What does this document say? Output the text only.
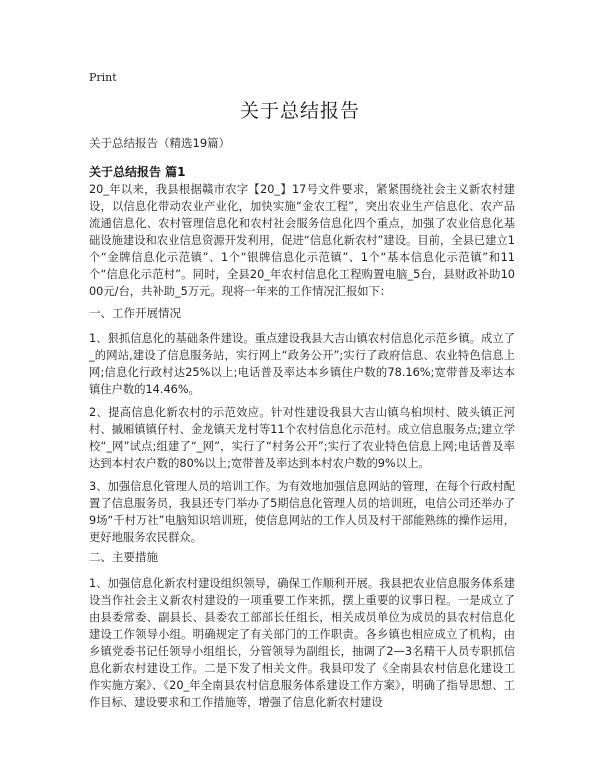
Print
关于总结报告
关于总结报告（精选19篇）
关于总结报告 篇1
20_年以来，我县根据赣市农字【20_】17号文件要求，紧紧围绕社会主义新农村建设，以信息化带动农业产业化，加快实施“金农工程”，突出农业生产信息化、农产品流通信息化、农村管理信息化和农村社会服务信息化四个重点，加强了农业信息化基础设施建设和农业信息资源开发利用，促进“信息化新农村”建设。目前，全县已建立1个“金牌信息化示范镇”、1个“银牌信息化示范镇”、1个“基本信息化示范镇”和11个“信息化示范村”。同时，全县20_年农村信息化工程购置电脑_5台，县财政补助1000元/台，共补助_5万元。现将一年来的工作情况汇报如下：
一、工作开展情况
1、狠抓信息化的基础条件建设。重点建设我县大吉山镇农村信息化示范乡镇。成立了_的网站,建设了信息服务站，实行网上“政务公开”;实行了政府信息、农业特色信息上网;信息化行政村达25%以上;电话普及率达本乡镇住户数的78.16%;宽带普及率达本镇住户数的14.46%。
2、提高信息化新农村的示范效应。针对性建设我县大吉山镇乌桕坝村、陂头镇正河村、摵厢镇镇仔村、金龙镇天龙村等11个农村信息化示范村。成立信息服务点;建立学校“_网”试点;组建了“_网”，实行了“村务公开”;实行了农业特色信息上网;电话普及率达到本村农户数的80%以上;宽带普及率达到本村农户数的9%以上。
3、加强信息化管理人员的培训工作。为有效地加强信息网站的管理，在每个行政村配置了信息服务员，我县还专门举办了5期信息化管理人员的培训班，电信公司还举办了9场“千村万社”电脑知识培训班，使信息网站的工作人员及村干部能熟练的操作运用，更好地服务农民群众。
二、主要措施
1、加强信息化新农村建设组织领导，确保工作顺利开展。我县把农业信息服务体系建设当作社会主义新农村建设的一项重要工作来抓，摆上重要的议事日程。一是成立了由县委常委、副县长、县委农工部部长任组长，相关成员单位为成员的县农村信息化建设工作领导小组。明确规定了有关部门的工作职责。各乡镇也相应成立了机构，由乡镇党委书记任领导小组组长，分管领导为副组长，抽调了2—3名精干人员专职抓信息化新农村建设工作。二是下发了相关文件。我县印发了《全南县农村信息化建设工作实施方案》、《20_年全南县农村信息服务体系建设工作方案》，明确了指导思想、工作目标、建设要求和工作措施等，增强了信息化新农村建设
